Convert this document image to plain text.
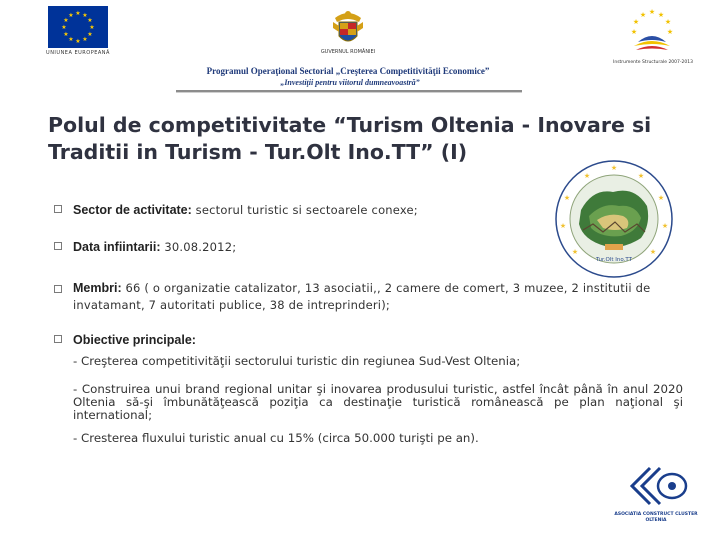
★ ★
★
★
★
★
★
★
★
★
★
★
UNIUNEA EUROPEANĂ	GUVERNUL ROMÂNIEI
Programul Operaţional Sectorial „Creşterea Competitivităţii Economice”
„Investiţii pentru viitorul dumneavoastră”
★
★
★ ★ ★
★
★
Instrumente Structurale 2007-2013
Polul de competitivitate “Turism Oltenia - Inovare si
Traditii in Turism - Tur.Olt Ino.TT” (I)
★
★
★
★
★
★
★
★
★
Tur.Olt Ino.TT
Sector de activitate: sectorul turistic si sectoarele conexe;
Data infiintarii: 30.08.2012;
Membri: 66 ( o organizatie catalizator, 13 asociatii,, 2 camere de comert, 3 muzee, 2 institutii de invatamant, 7 autoritati publice, 38 de intreprinderi);
Obiective principale:
- Creşterea competitivităţii sectorului turistic din regiunea Sud-Vest Oltenia;
- Construirea unui brand regional unitar şi inovarea produsului turistic, astfel încât până în anul 2020 Oltenia să-şi îmbunătăţească poziţia ca destinaţie turistică românească pe plan naţional şi international;
- Cresterea fluxului turistic anual cu 15% (circa 50.000 turişti pe an).
ASOCIATIA CONSTRUCT CLUSTER OLTENIA
